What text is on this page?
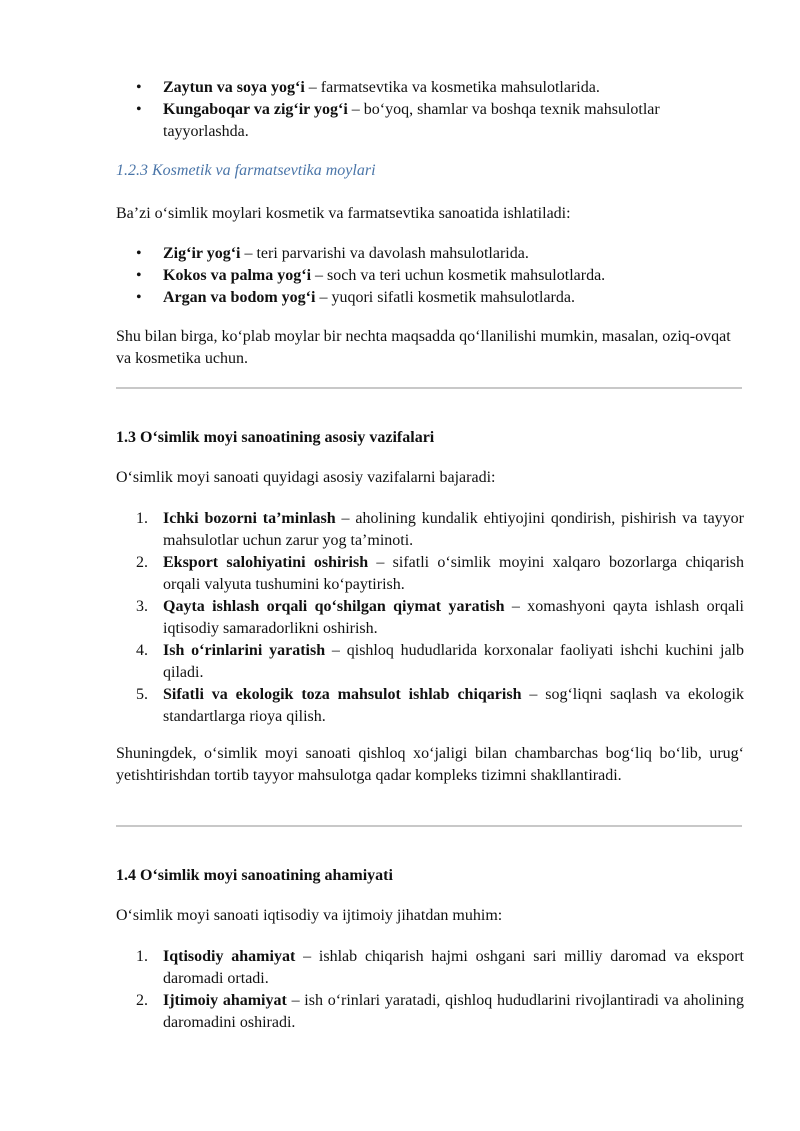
• Zaytun va soya yog‘i – farmatsevtika va kosmetika mahsulotlarida.
• Kungaboqar va zig‘ir yog‘i – bo‘yoq, shamlar va boshqa texnik mahsulotlar tayyorlashda.

1.2.3 Kosmetik va farmatsevtika moylari

Ba’zi o‘simlik moylari kosmetik va farmatsevtika sanoatida ishlatiladi:

• Zig‘ir yog‘i – teri parvarishi va davolash mahsulotlarida.
• Kokos va palma yog‘i – soch va teri uchun kosmetik mahsulotlarda.
• Argan va bodom yog‘i – yuqori sifatli kosmetik mahsulotlarda.

Shu bilan birga, ko‘plab moylar bir nechta maqsadda qo‘llanilishi mumkin, masalan, oziq-ovqat va kosmetika uchun.

1.3 O‘simlik moyi sanoatining asosiy vazifalari

O‘simlik moyi sanoati quyidagi asosiy vazifalarni bajaradi:

1. Ichki bozorni ta’minlash – aholining kundalik ehtiyojini qondirish, pishirish va tayyor mahsulotlar uchun zarur yog ta’minoti.
2. Eksport salohiyatini oshirish – sifatli o‘simlik moyini xalqaro bozorlarga chiqarish orqali valyuta tushumini ko‘paytirish.
3. Qayta ishlash orqali qo‘shilgan qiymat yaratish – xomashyoni qayta ishlash orqali iqtisodiy samaradorlikni oshirish.
4. Ish o‘rinlarini yaratish – qishloq hududlarida korxonalar faoliyati ishchi kuchini jalb qiladi.
5. Sifatli va ekologik toza mahsulot ishlab chiqarish – sog‘liqni saqlash va ekologik standartlarga rioya qilish.

Shuningdek, o‘simlik moyi sanoati qishloq xo‘jaligi bilan chambarchas bog‘liq bo‘lib, urug‘ yetishtirishdan tortib tayyor mahsulotga qadar kompleks tizimni shakllantiradi.

1.4 O‘simlik moyi sanoatining ahamiyati

O‘simlik moyi sanoati iqtisodiy va ijtimoiy jihatdan muhim:

1. Iqtisodiy ahamiyat – ishlab chiqarish hajmi oshgani sari milliy daromad va eksport daromadi ortadi.
2. Ijtimoiy ahamiyat – ish o‘rinlari yaratadi, qishloq hududlarini rivojlantiradi va aholining daromadini oshiradi.
